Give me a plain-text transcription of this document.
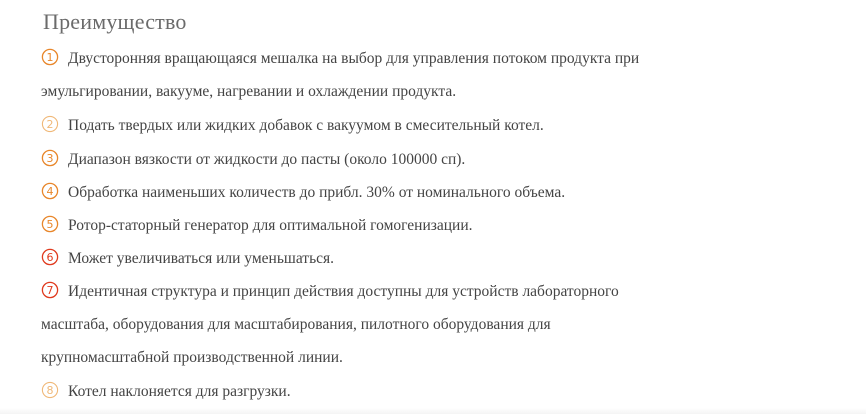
Преимущество
1 Двусторонняя вращающаяся мешалка на выбор для управления потоком продукта при
эмульгировании, вакууме, нагревании и охлаждении продукта.
2 Подать твердых или жидких добавок с вакуумом в смесительный котел.
3 Диапазон вязкости от жидкости до пасты (около 100000 сп).
4 Обработка наименьших количеств до прибл. 30% от номинального объема.
5 Ротор-статорный генератор для оптимальной гомогенизации.
6 Может увеличиваться или уменьшаться.
7 Идентичная структура и принцип действия доступны для устройств лабораторного
масштаба, оборудования для масштабирования, пилотного оборудования для
крупномасштабной производственной линии.
8 Котел наклоняется для разгрузки.
